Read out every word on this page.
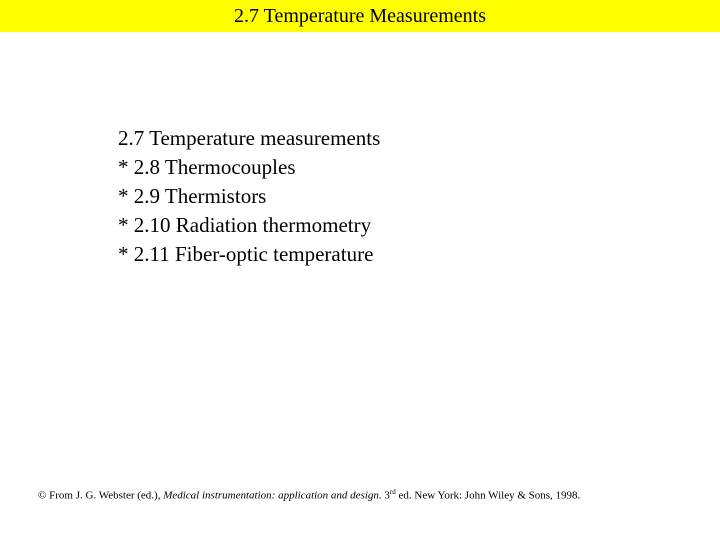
2.7 Temperature Measurements
2.7 Temperature measurements
* 2.8 Thermocouples
* 2.9 Thermistors
* 2.10 Radiation thermometry
* 2.11 Fiber-optic temperature
© From J. G. Webster (ed.), Medical instrumentation: application and design. 3rd ed. New York: John Wiley & Sons, 1998.
